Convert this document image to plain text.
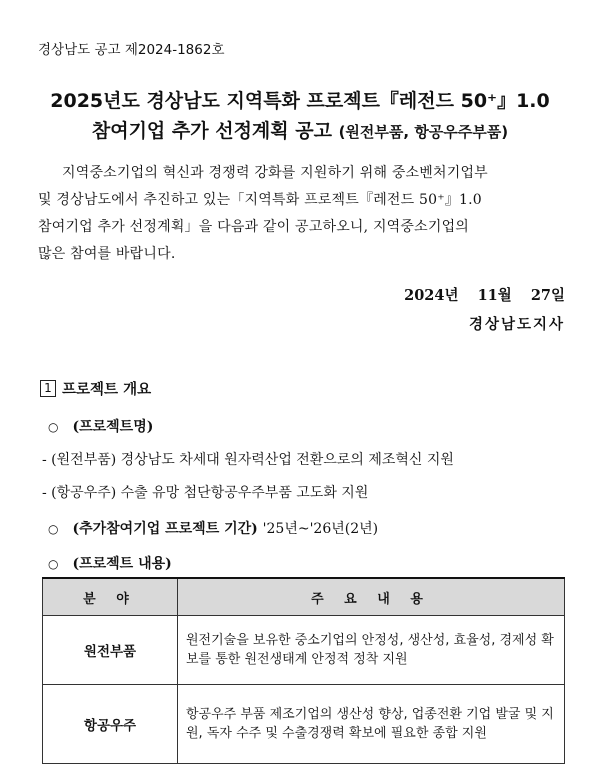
경상남도 공고 제2024-1862호
2025년도 경상남도 지역특화 프로젝트『레전드 50⁺』1.0
참여기업 추가 선정계획 공고 (원전부품, 항공우주부품)
지역중소기업의 혁신과 경쟁력 강화를 지원하기 위해 중소벤처기업부
및 경상남도에서 추진하고 있는「지역특화 프로젝트『레전드 50⁺』1.0
참여기업 추가 선정계획」을 다음과 같이 공고하오니, 지역중소기업의
많은 참여를 바랍니다.
2024년 11월 27일
경상남도지사
1 프로젝트 개요
○ (프로젝트명)
- (원전부품) 경상남도 차세대 원자력산업 전환으로의 제조혁신 지원
- (항공우주) 수출 유망 첨단항공우주부품 고도화 지원
○ (추가참여기업 프로젝트 기간) '25년~'26년(2년)
○ (프로젝트 내용)
분 야	주 요 내 용
원전부품	원전기술을 보유한 중소기업의 안정성, 생산성, 효율성, 경제성 확보를 통한 원전생태계 안정적 정착 지원
항공우주	항공우주 부품 제조기업의 생산성 향상, 업종전환 기업 발굴 및 지원, 독자 수주 및 수출경쟁력 확보에 필요한 종합 지원
